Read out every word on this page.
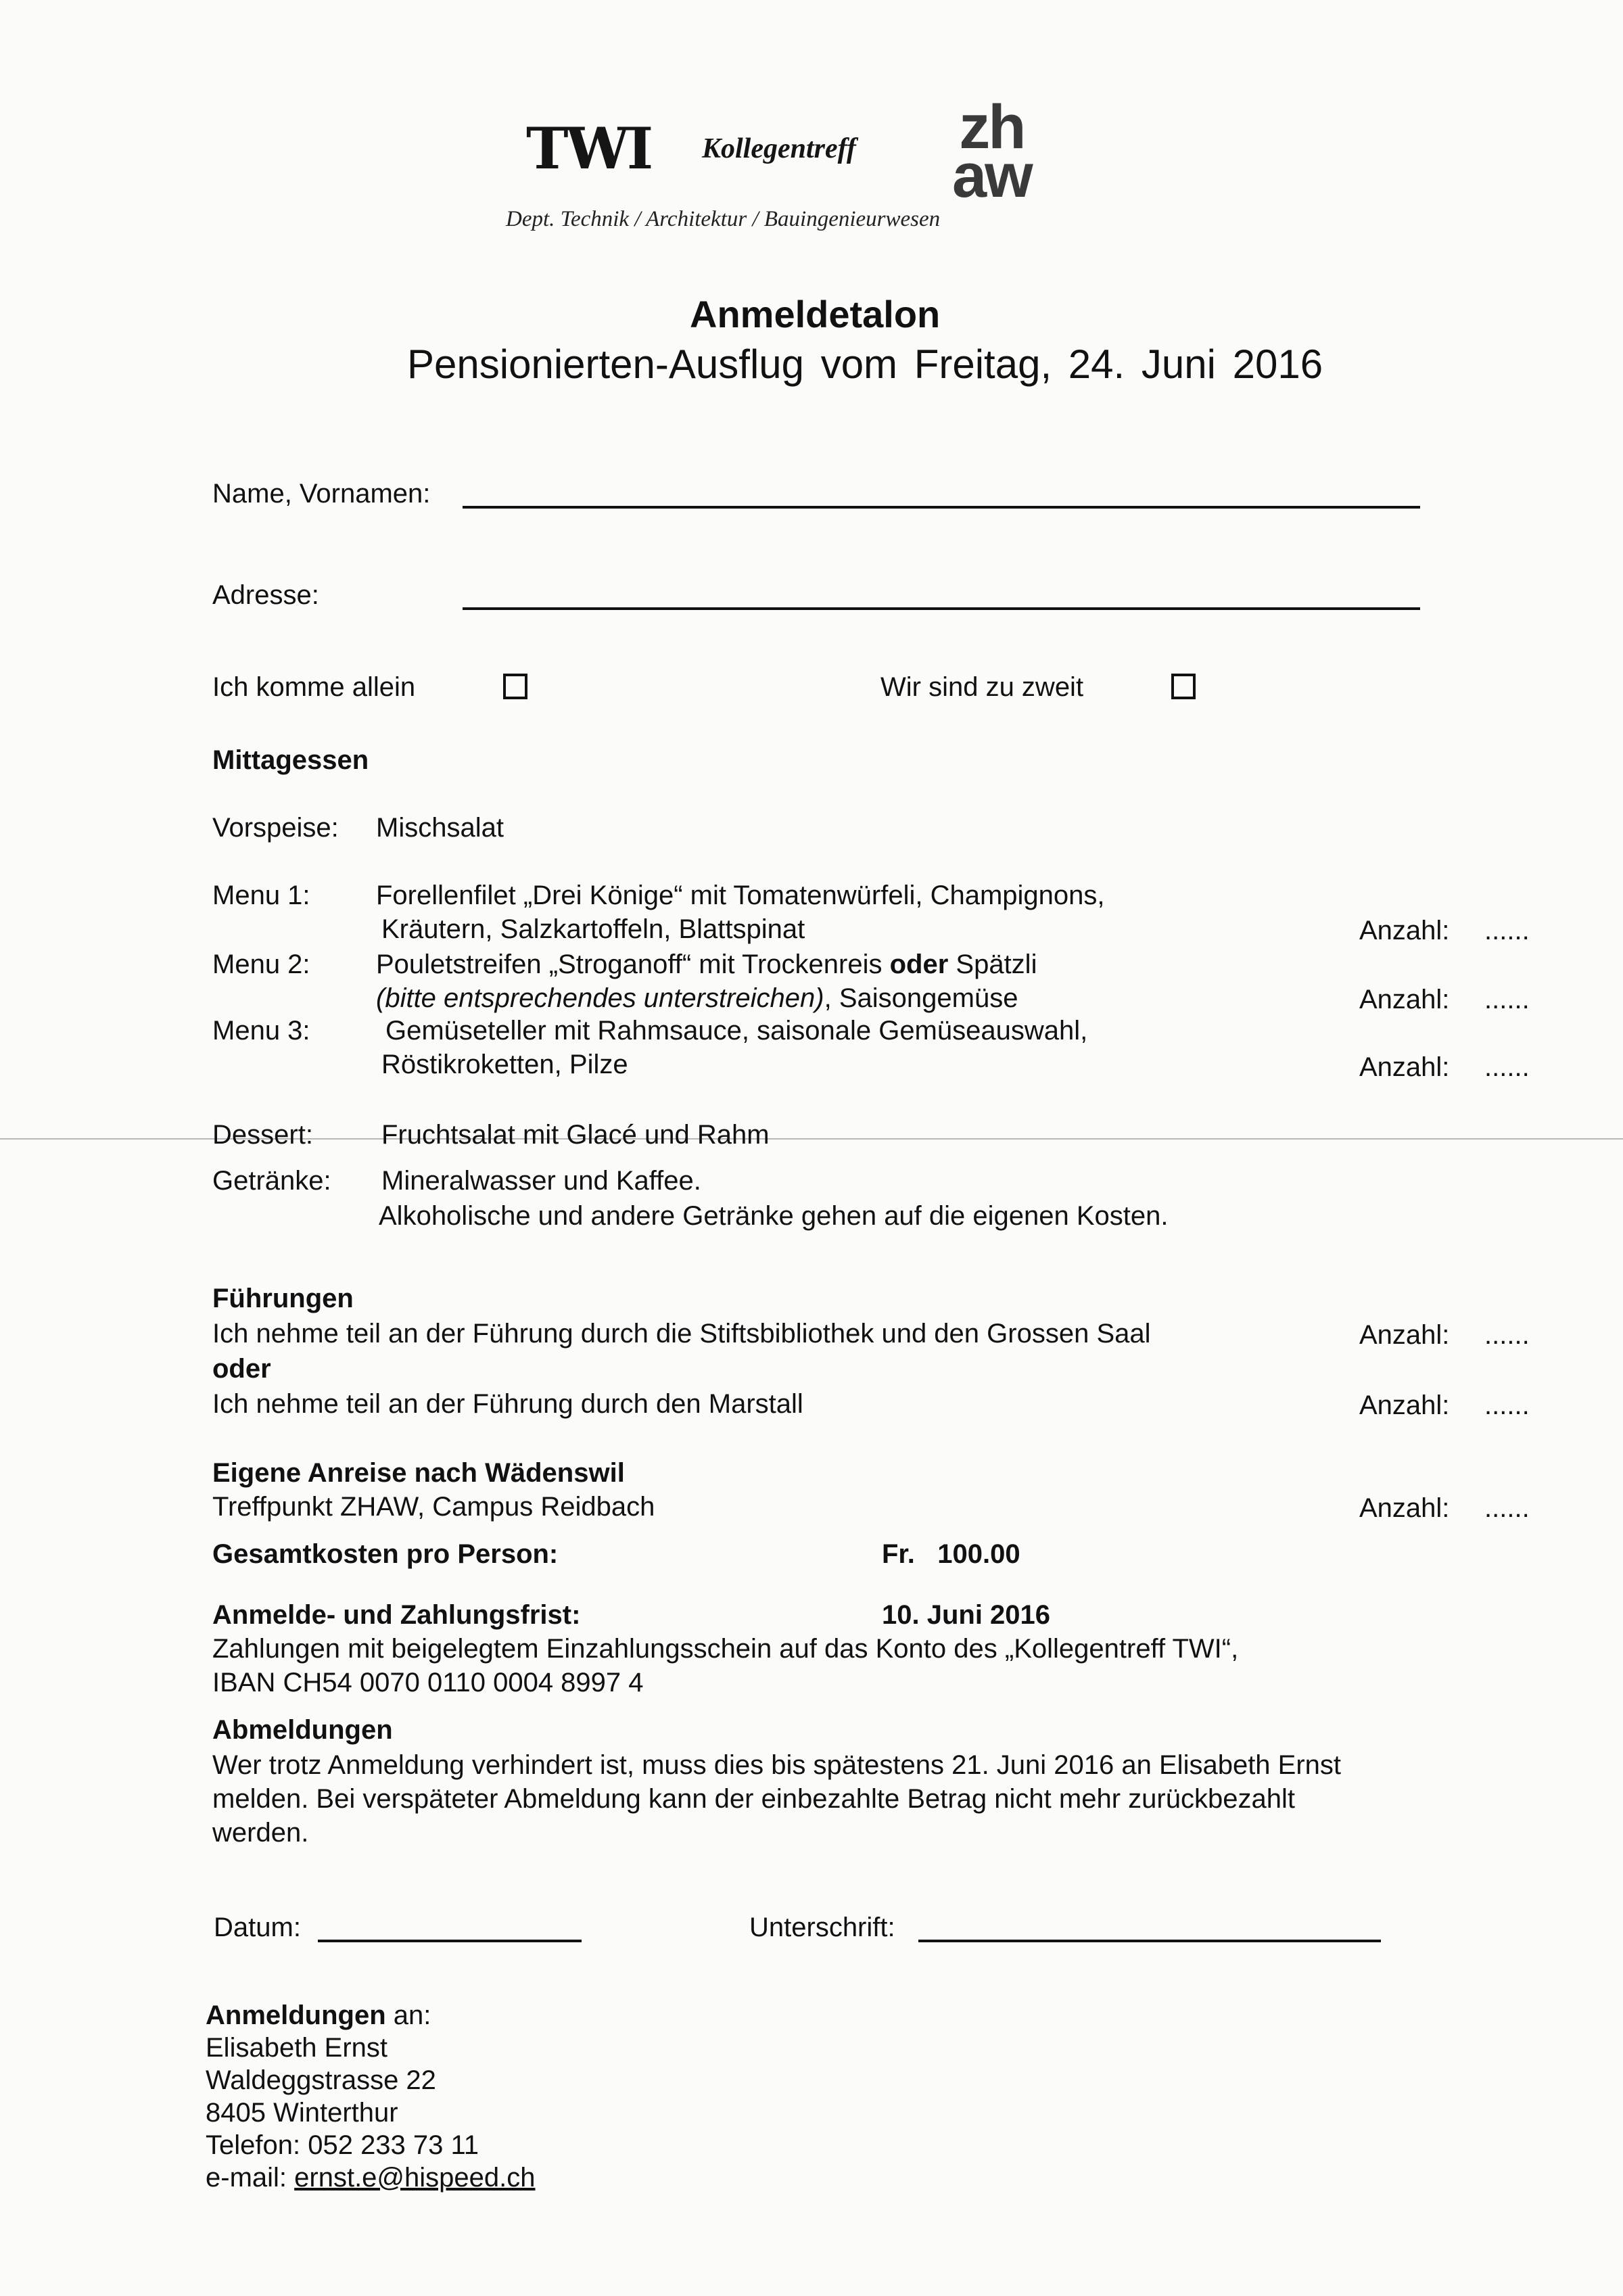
TWI Kollegentreff zh
aw
Dept. Technik / Architektur / Bauingenieurwesen
Anmeldetalon
Pensionierten-Ausflug vom Freitag, 24. Juni 2016
Name, Vornamen:
Adresse:
Ich komme allein	Wir sind zu zweit
Mittagessen
Vorspeise: Mischsalat
Menu 1: Forellenfilet „Drei Könige“ mit Tomatenwürfeli, Champignons,
Kräutern, Salzkartoffeln, Blattspinat	Anzahl: ......
Menu 2: Pouletstreifen „Stroganoff“ mit Trockenreis oder Spätzli
(bitte entsprechendes unterstreichen), Saisongemüse	Anzahl: ......
Menu 3:	Gemüseteller mit Rahmsauce, saisonale Gemüseauswahl,
Röstikroketten, Pilze	Anzahl: ......
Dessert:	Fruchtsalat mit Glacé und Rahm
Getränke: Mineralwasser und Kaffee.
Alkoholische und andere Getränke gehen auf die eigenen Kosten.
Führungen
Ich nehme teil an der Führung durch die Stiftsbibliothek und den Grossen Saal	Anzahl: ......
oder
Ich nehme teil an der Führung durch den Marstall	Anzahl: ......
Eigene Anreise nach Wädenswil
Treffpunkt ZHAW, Campus Reidbach	Anzahl: ......
Gesamtkosten pro Person:	Fr.   100.00
Anmelde- und Zahlungsfrist:	10. Juni 2016
Zahlungen mit beigelegtem Einzahlungsschein auf das Konto des „Kollegentreff TWI“,
IBAN CH54 0070 0110 0004 8997 4
Abmeldungen
Wer trotz Anmeldung verhindert ist, muss dies bis spätestens 21. Juni 2016 an Elisabeth Ernst
melden. Bei verspäteter Abmeldung kann der einbezahlte Betrag nicht mehr zurückbezahlt
werden.
Datum:	Unterschrift:
Anmeldungen an:
Elisabeth Ernst
Waldeggstrasse 22
8405 Winterthur
Telefon: 052 233 73 11
e-mail: ernst.e@hispeed.ch
